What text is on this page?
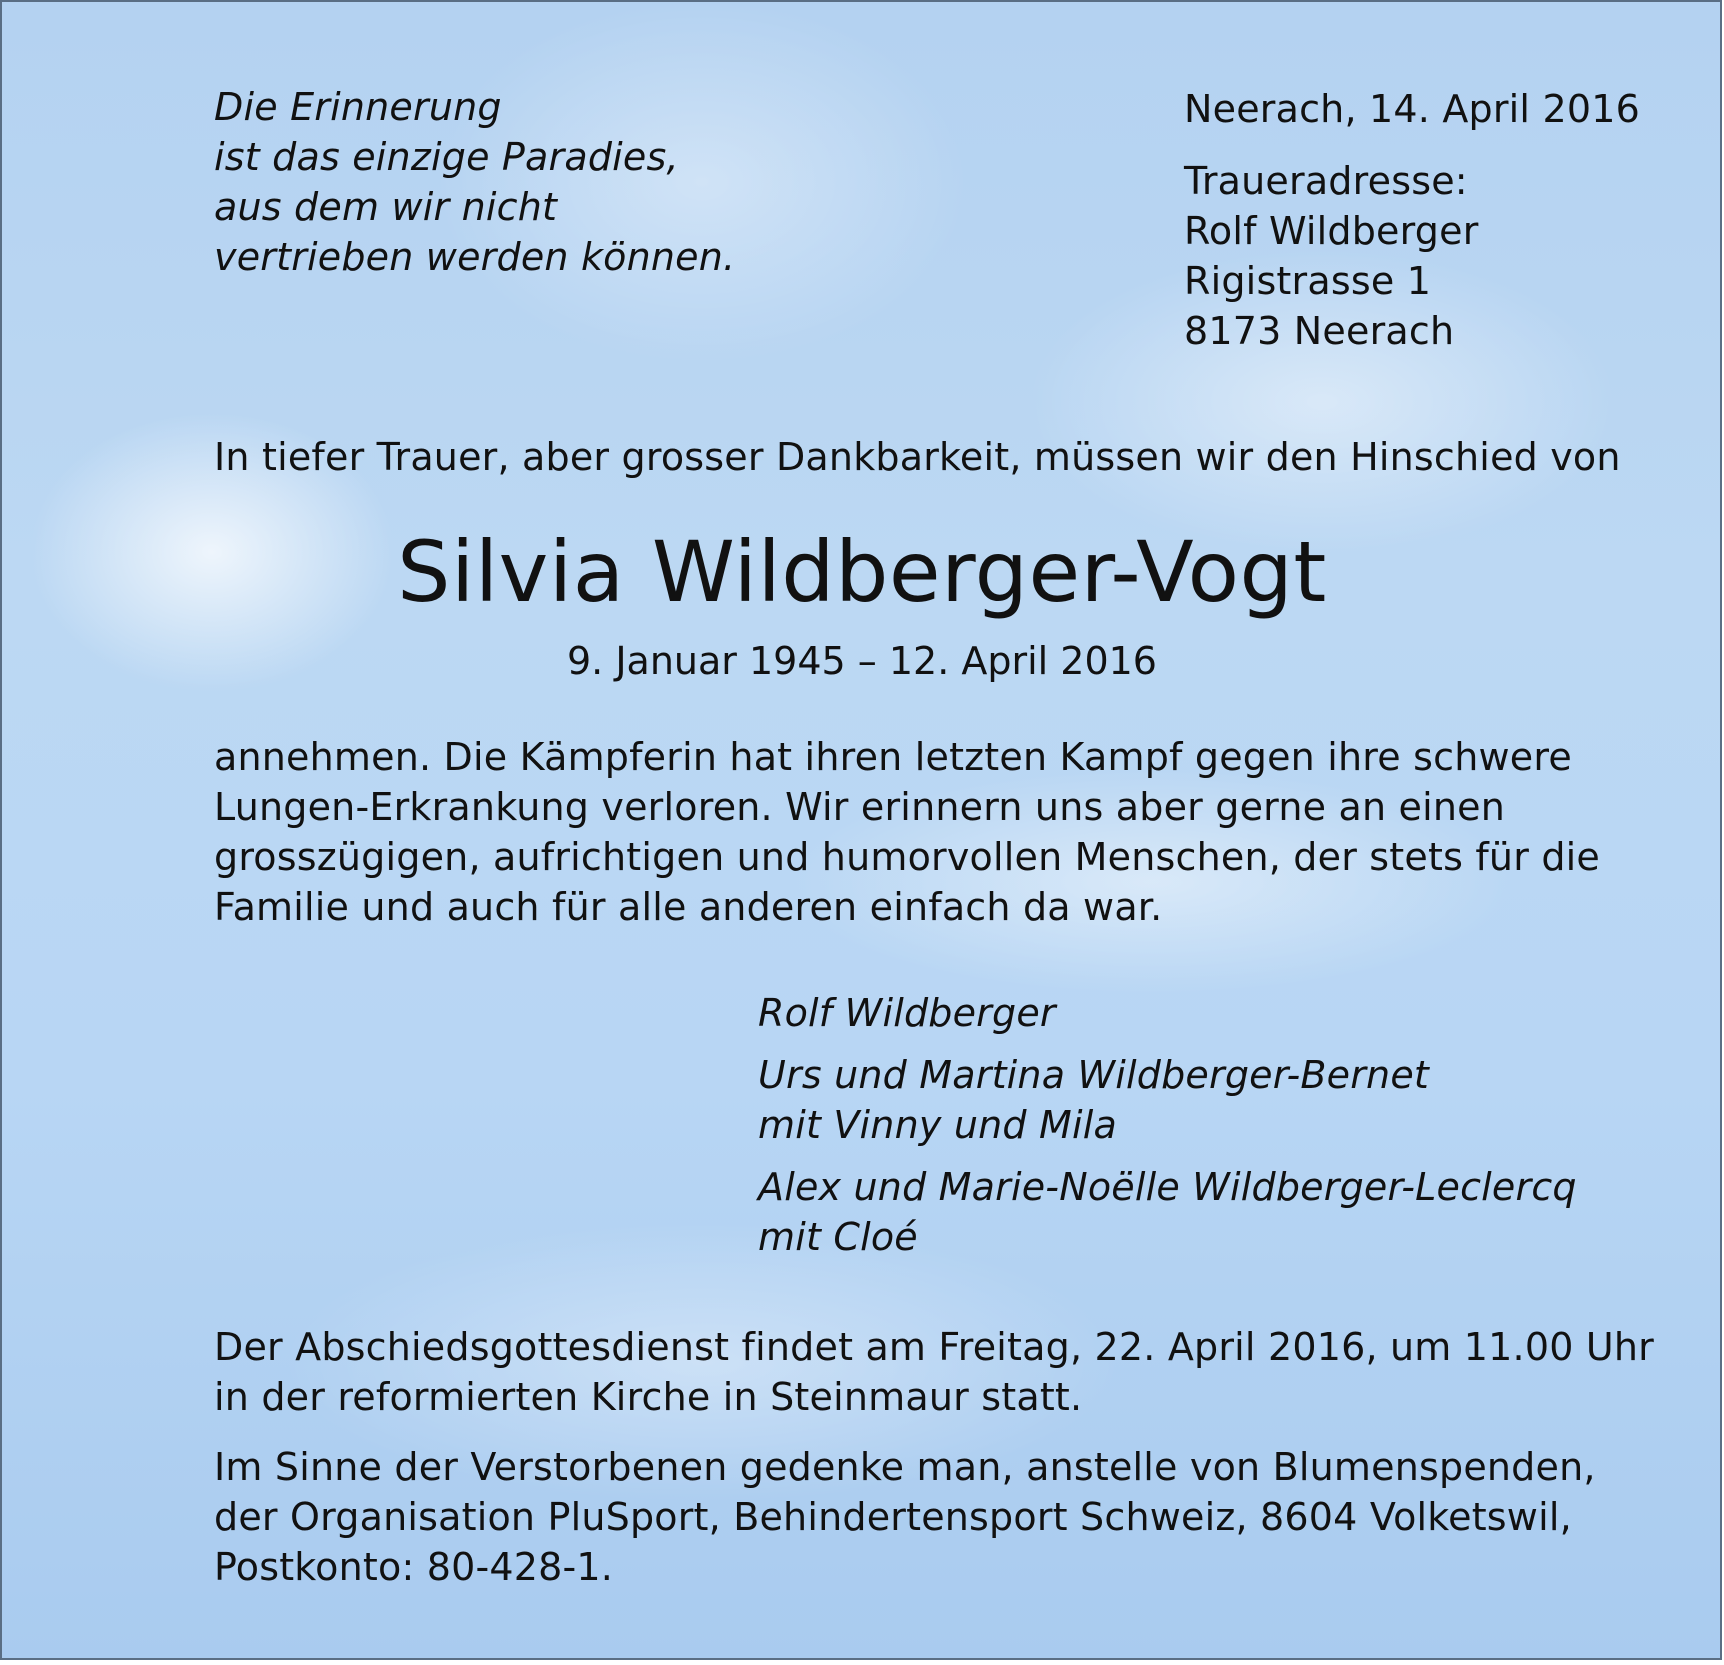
Die Erinnerung
ist das einzige Paradies,
aus dem wir nicht
vertrieben werden können.
Neerach, 14. April 2016
Traueradresse:
Rolf Wildberger
Rigistrasse 1
8173 Neerach
In tiefer Trauer, aber grosser Dankbarkeit, müssen wir den Hinschied von
Silvia Wildberger-Vogt
9. Januar 1945 – 12. April 2016
annehmen. Die Kämpferin hat ihren letzten Kampf gegen ihre schwere
Lungen-Erkrankung verloren. Wir erinnern uns aber gerne an einen
grosszügigen, aufrichtigen und humorvollen Menschen, der stets für die
Familie und auch für alle anderen einfach da war.
Rolf Wildberger
Urs und Martina Wildberger-Bernet
mit Vinny und Mila
Alex und Marie-Noëlle Wildberger-Leclercq
mit Cloé
Der Abschiedsgottesdienst findet am Freitag, 22. April 2016, um 11.00 Uhr
in der reformierten Kirche in Steinmaur statt.
Im Sinne der Verstorbenen gedenke man, anstelle von Blumenspenden,
der Organisation PluSport, Behindertensport Schweiz, 8604 Volketswil,
Postkonto: 80-428-1.
